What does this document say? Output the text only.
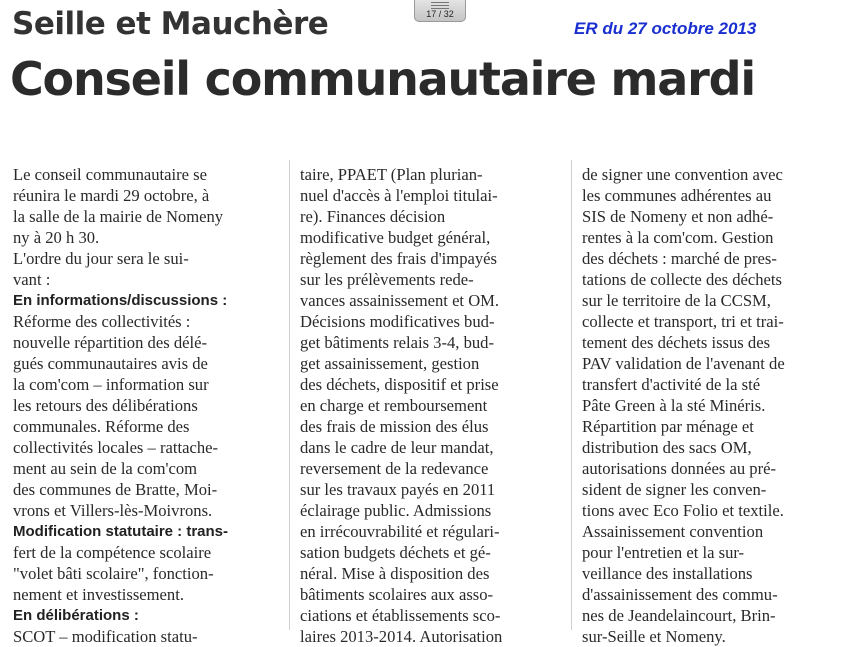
Seille et Mauchère	17 / 32
ER du 27 octobre 2013
Conseil communautaire mardi
Le conseil communautaire se
réunira le mardi 29 octobre, à
la salle de la mairie de Nomeny
ny à 20 h 30.
L'ordre du jour sera le sui-
vant :
En informations/discussions :
Réforme des collectivités :
nouvelle répartition des délé-
gués communautaires avis de
la com'com – information sur
les retours des délibérations
communales. Réforme des
collectivités locales – rattache-
ment au sein de la com'com
des communes de Bratte, Moi-
vrons et Villers-lès-Moivrons.
Modification statutaire : trans-
fert de la compétence scolaire
"volet bâti scolaire", fonction-
nement et investissement.
En délibérations :
SCOT – modification statu-
taire, PPAET (Plan plurian-
nuel d'accès à l'emploi titulai-
re). Finances décision
modificative budget général,
règlement des frais d'impayés
sur les prélèvements rede-
vances assainissement et OM.
Décisions modificatives bud-
get bâtiments relais 3-4, bud-
get assainissement, gestion
des déchets, dispositif et prise
en charge et remboursement
des frais de mission des élus
dans le cadre de leur mandat,
reversement de la redevance
sur les travaux payés en 2011
éclairage public. Admissions
en irrécouvrabilité et régulari-
sation budgets déchets et gé-
néral. Mise à disposition des
bâtiments scolaires aux asso-
ciations et établissements sco-
laires 2013-2014. Autorisation
de signer une convention avec
les communes adhérentes au
SIS de Nomeny et non adhé-
rentes à la com'com. Gestion
des déchets : marché de pres-
tations de collecte des déchets
sur le territoire de la CCSM,
collecte et transport, tri et trai-
tement des déchets issus des
PAV validation de l'avenant de
transfert d'activité de la sté
Pâte Green à la sté Minéris.
Répartition par ménage et
distribution des sacs OM,
autorisations données au pré-
sident de signer les conven-
tions avec Eco Folio et textile.
Assainissement convention
pour l'entretien et la sur-
veillance des installations
d'assainissement des commu-
nes de Jeandelaincourt, Brin-
sur-Seille et Nomeny.
